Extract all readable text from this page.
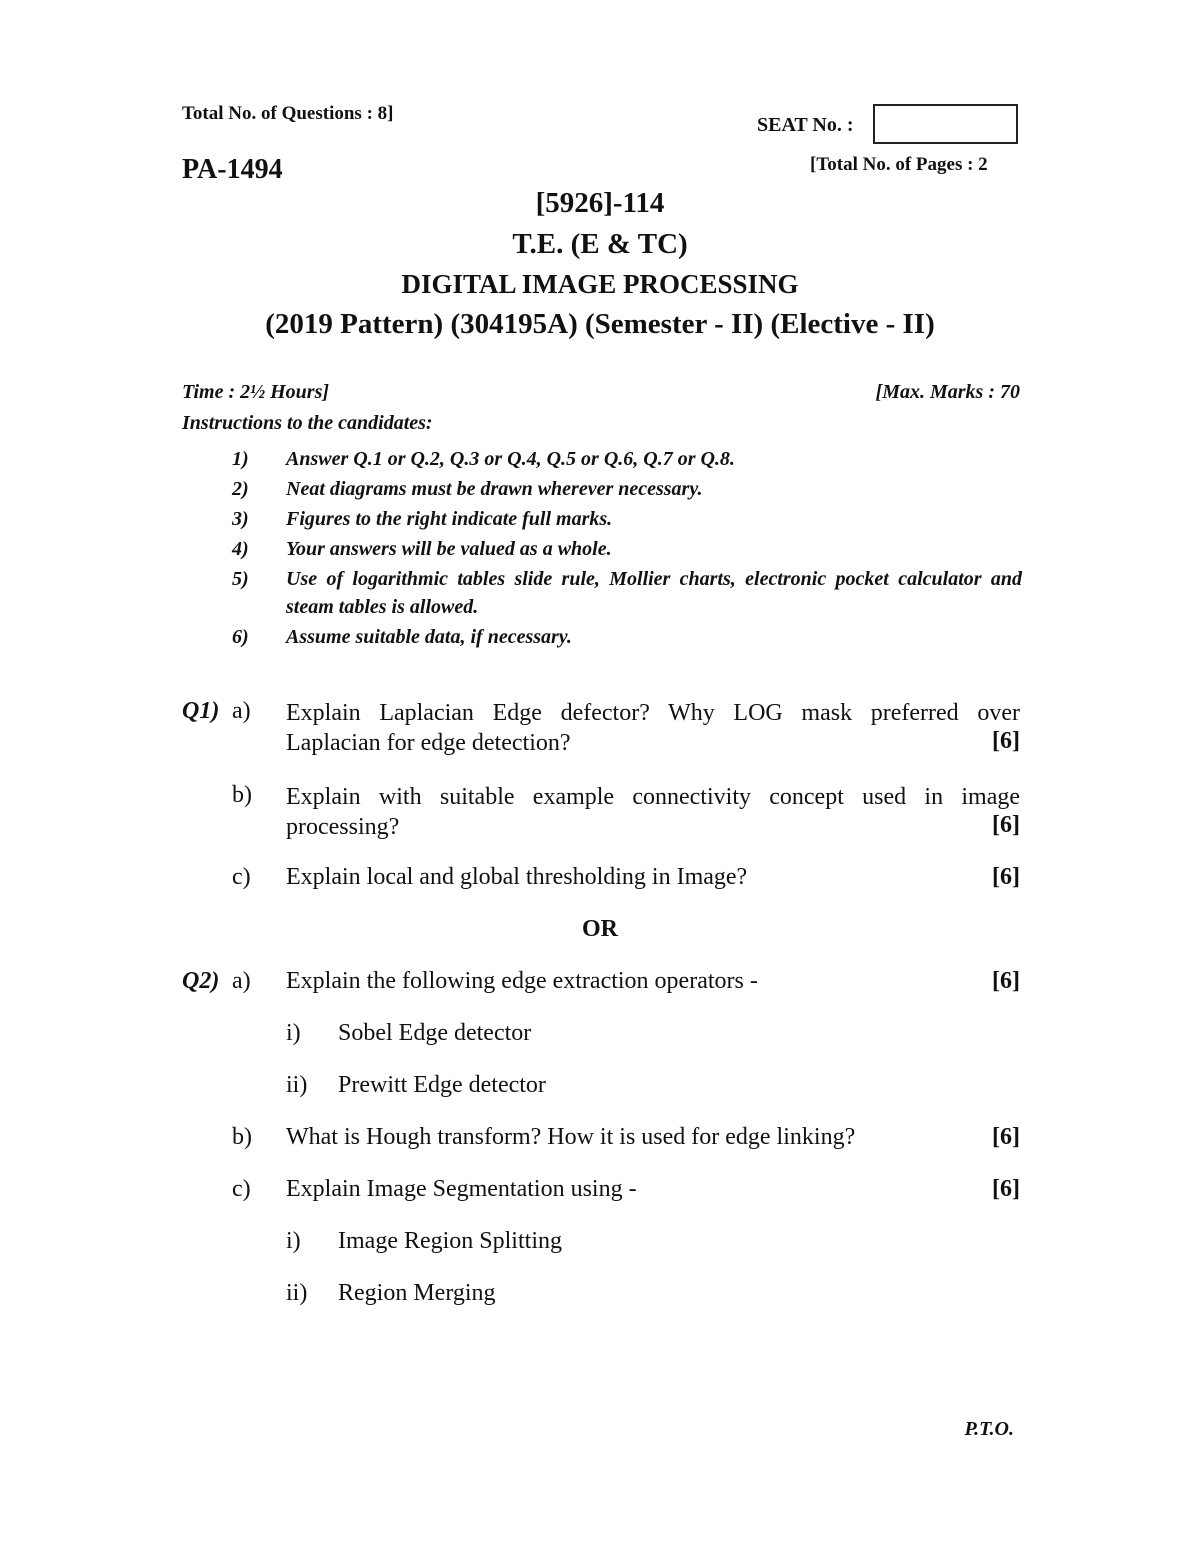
Total No. of Questions : 8]
SEAT No. :
PA-1494	[Total No. of Pages : 2
[5926]-114
T.E. (E & TC)
DIGITAL IMAGE PROCESSING
(2019 Pattern) (304195A) (Semester - II) (Elective - II)
Time : 2½ Hours]	[Max. Marks : 70
Instructions to the candidates:
1)	Answer Q.1 or Q.2, Q.3 or Q.4, Q.5 or Q.6, Q.7 or Q.8.
2)	Neat diagrams must be drawn wherever necessary.
3)	Figures to the right indicate full marks.
4)	Your answers will be valued as a whole.
5)	Use of logarithmic tables slide rule, Mollier charts, electronic pocket calculator and steam tables is allowed.
6)	Assume suitable data, if necessary.
Q1) a) Explain Laplacian Edge defector? Why LOG mask preferred over
Laplacian for edge detection?	[6]
b) Explain with suitable example connectivity concept used in image
processing?	[6]
c) Explain local and global thresholding in Image?	[6]
OR
Q2) a) Explain the following edge extraction operators -	[6]
i) Sobel Edge detector
ii) Prewitt Edge detector
b) What is Hough transform? How it is used for edge linking?	[6]
c) Explain Image Segmentation using -	[6]
i) Image Region Splitting
ii) Region Merging
P.T.O.
